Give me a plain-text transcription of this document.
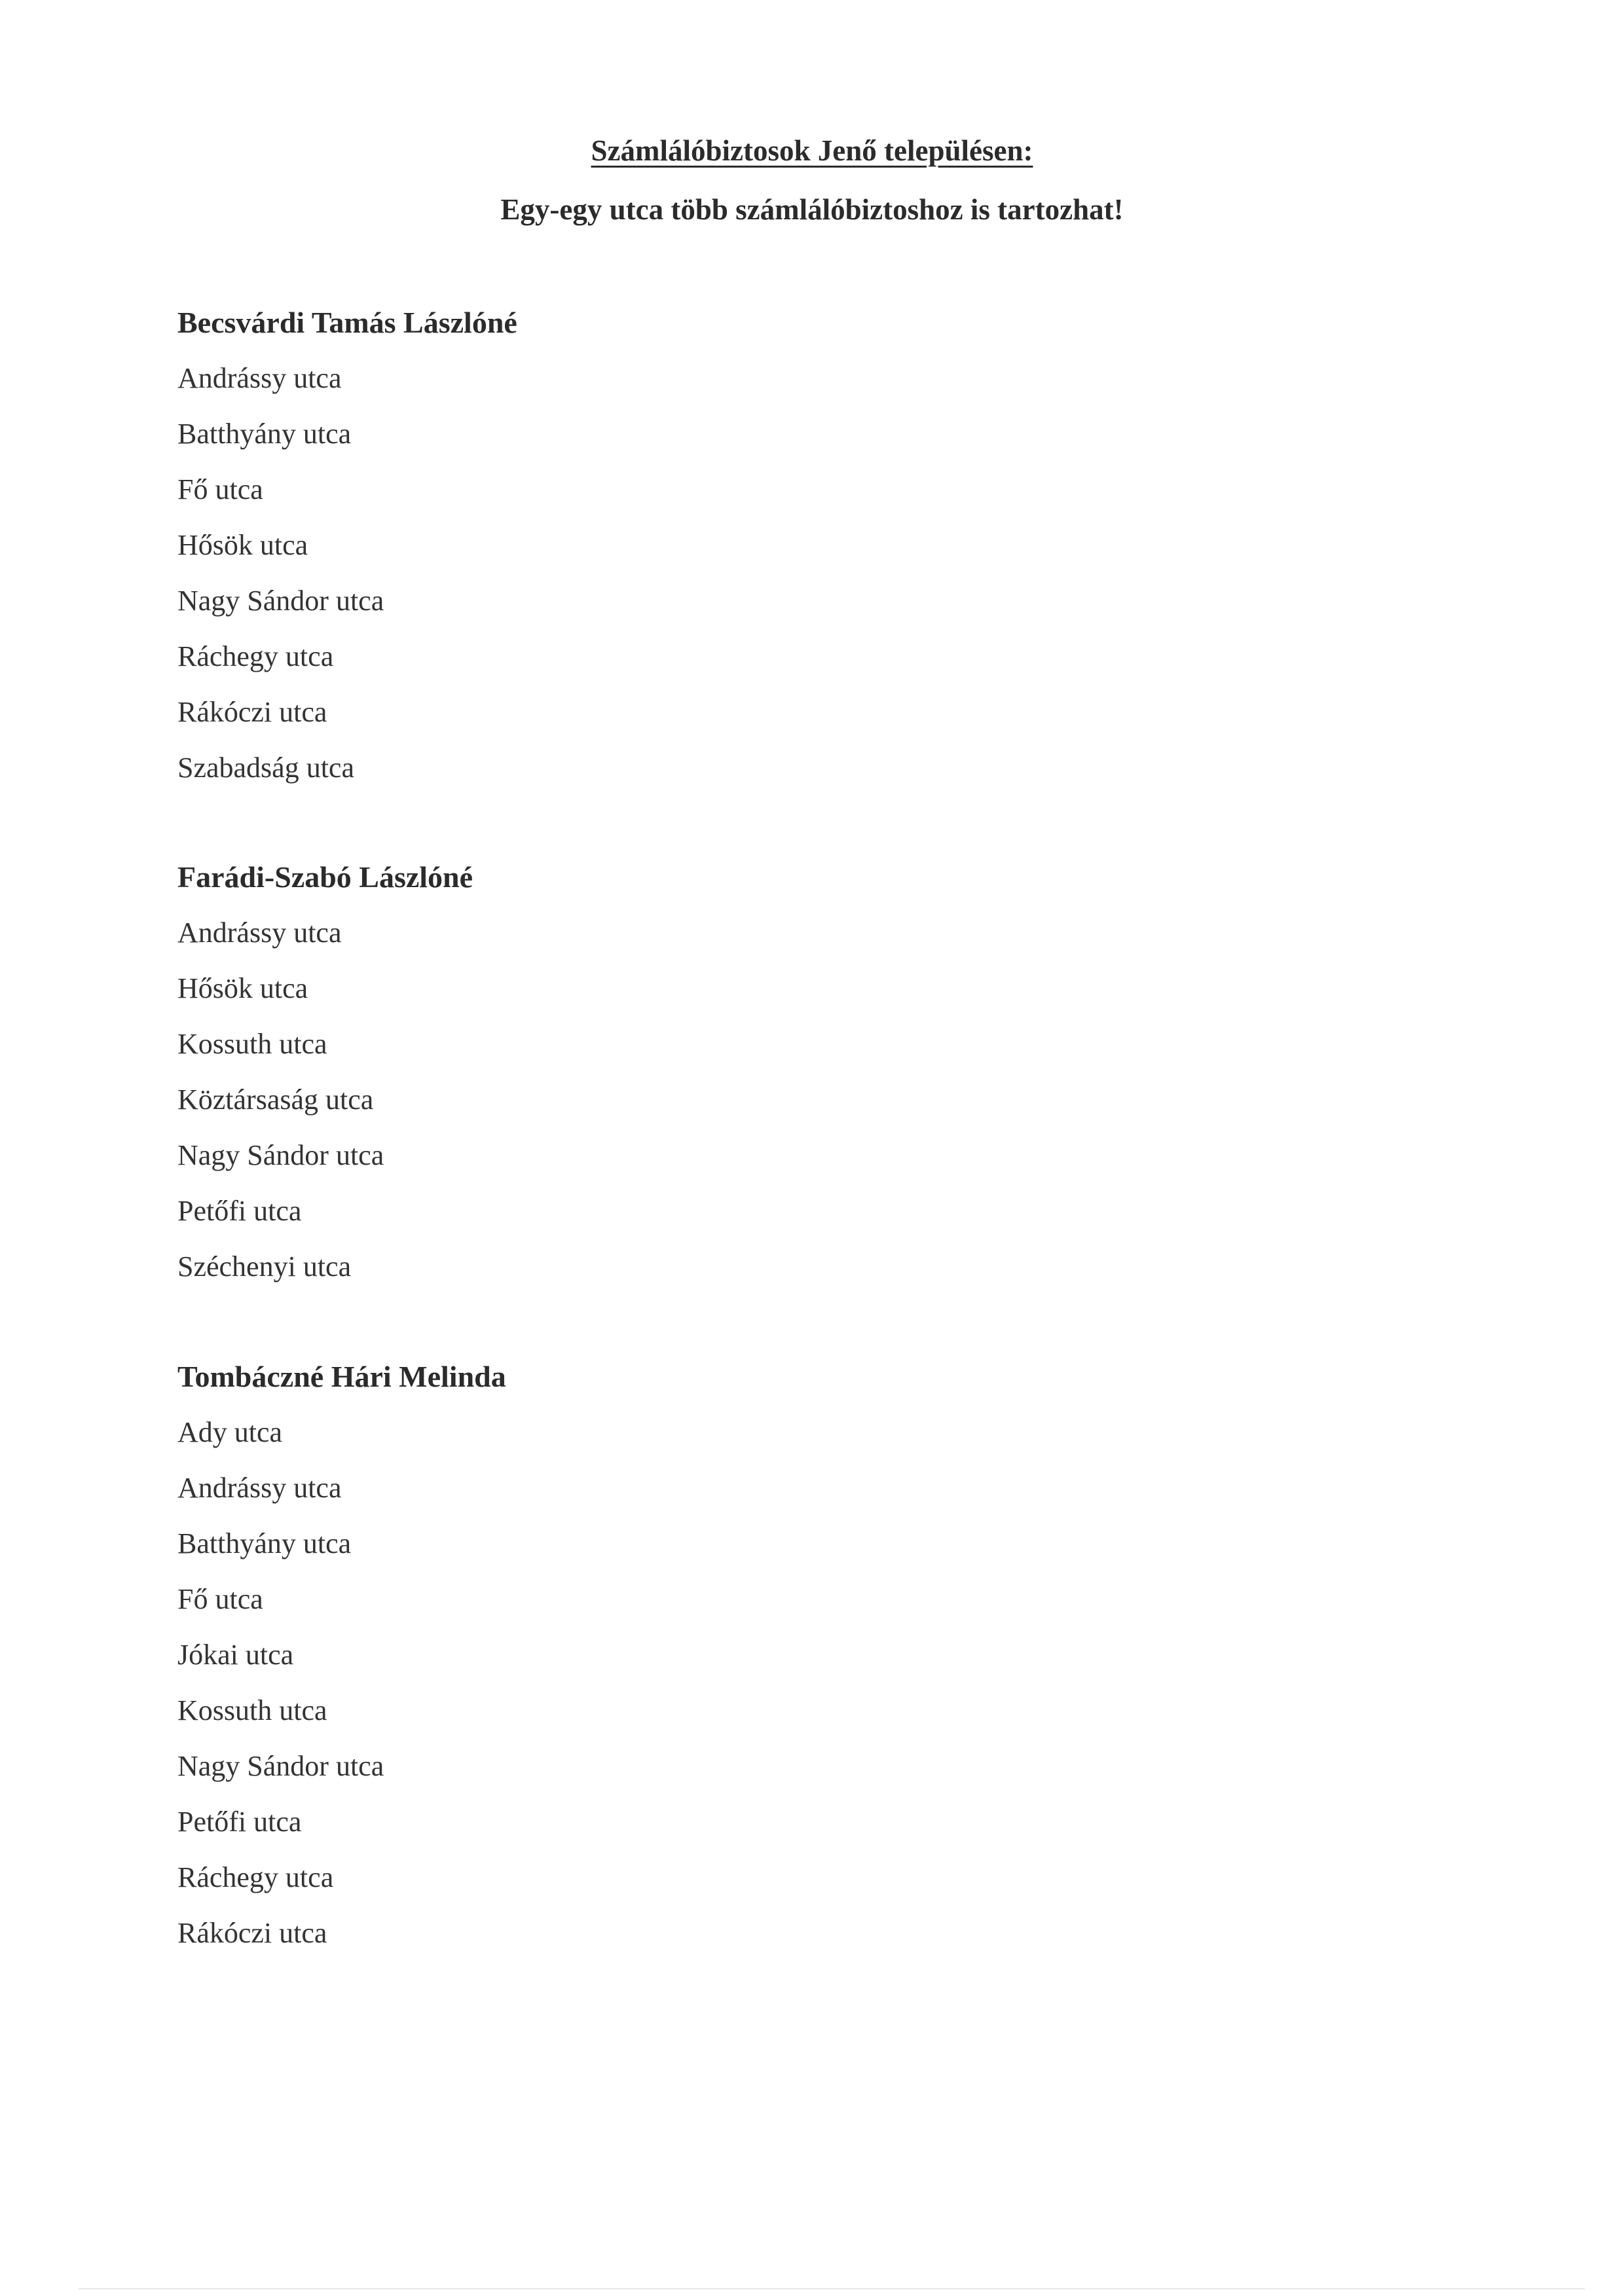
Számlálóbiztosok Jenő településen:
Egy-egy utca több számlálóbiztoshoz is tartozhat!
Becsvárdi Tamás Lászlóné
Andrássy utca
Batthyány utca
Fő utca
Hősök utca
Nagy Sándor utca
Ráchegy utca
Rákóczi utca
Szabadság utca
Farádi-Szabó Lászlóné
Andrássy utca
Hősök utca
Kossuth utca
Köztársaság utca
Nagy Sándor utca
Petőfi utca
Széchenyi utca
Tombáczné Hári Melinda
Ady utca
Andrássy utca
Batthyány utca
Fő utca
Jókai utca
Kossuth utca
Nagy Sándor utca
Petőfi utca
Ráchegy utca
Rákóczi utca
